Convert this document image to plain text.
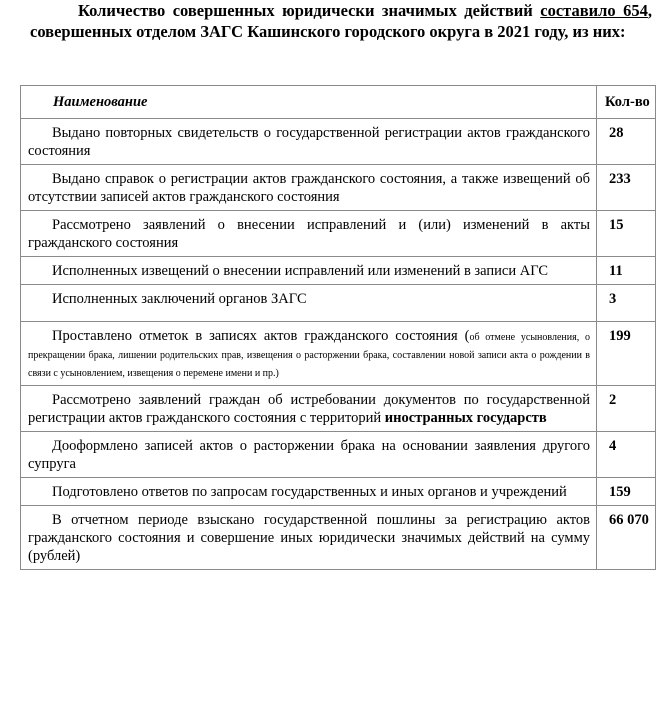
Количество совершенных юридически значимых действий составило 654, совершенных отделом ЗАГС Кашинского городского округа в 2021 году, из них:
Наименование	Кол-во
Выдано повторных свидетельств о государственной регистрации актов гражданского состояния	28
Выдано справок о регистрации актов гражданского состояния, а также извещений об отсутствии записей актов гражданского состояния	233
Рассмотрено заявлений о внесении исправлений и (или) изменений в акты гражданского состояния	15
Исполненных извещений о внесении исправлений или изменений в записи АГС	11
Исполненных заключений органов ЗАГС	3
Проставлено отметок в записях актов гражданского состояния (об отмене усыновления, о прекращении брака, лишении родительских прав, извещения о расторжении брака, составлении новой записи акта о рождении в связи с усыновлением, извещения о перемене имени и пр.)	199
Рассмотрено заявлений граждан об истребовании документов по государственной регистрации актов гражданского состояния с территорий иностранных государств	2
Дооформлено записей актов о расторжении брака на основании заявления другого супруга	4
Подготовлено ответов по запросам государственных и иных органов и учреждений	159
В отчетном периоде взыскано государственной пошлины за регистрацию актов гражданского состояния и совершение иных юридически значимых действий на сумму (рублей)	66 070
